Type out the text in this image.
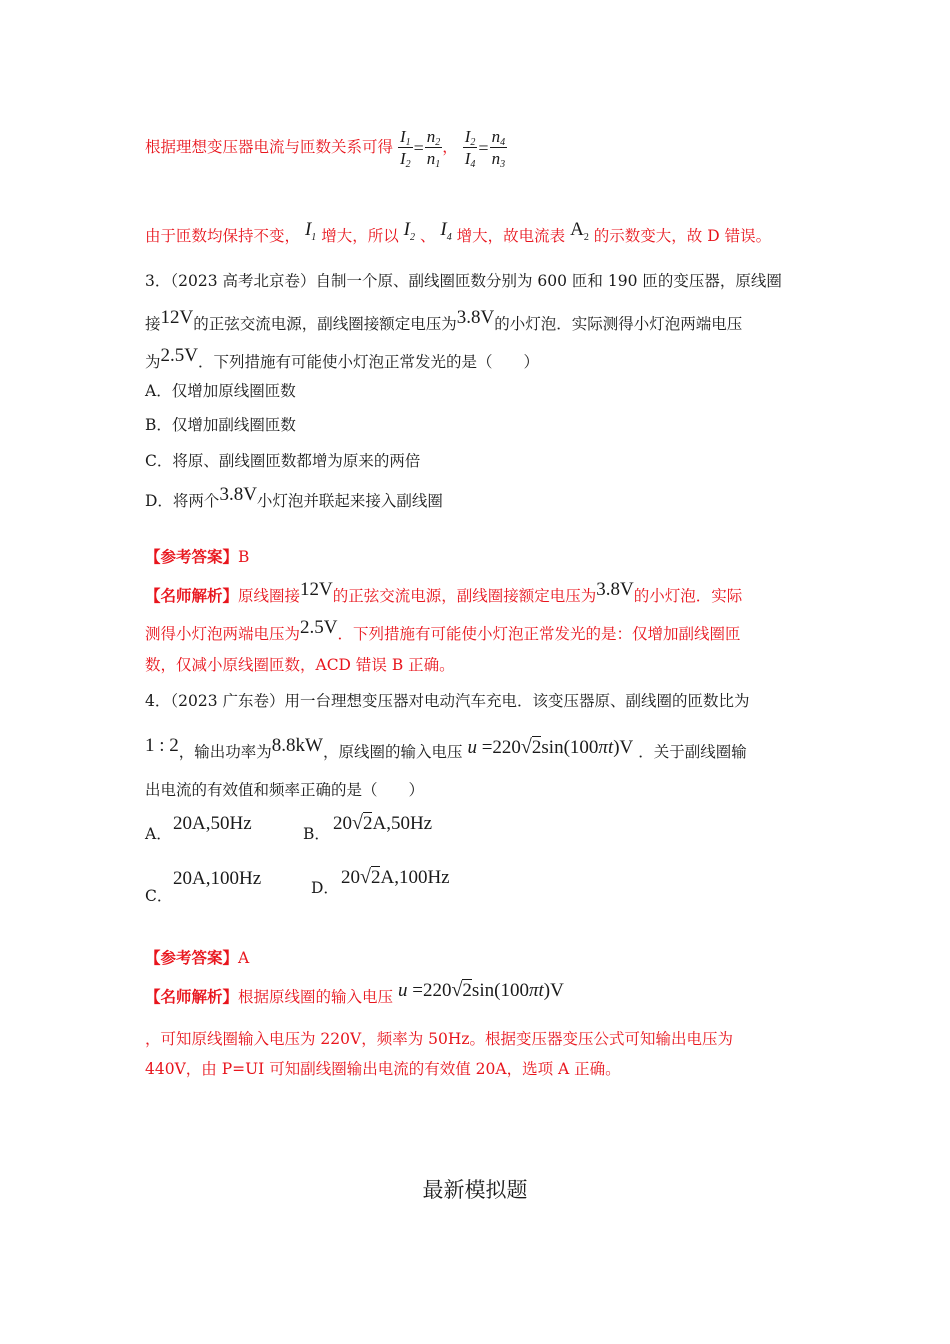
根据理想变压器电流与匝数关系可得 $\frac{I1}{I2} = \frac{n2}{n1}$ ， $\frac{I2}{I4} = \frac{n4}{n3}$
由于匝数均保持不变， $I_1$ 增大，所以 $I_2$ 、 $I_4$ 增大，故电流表 $A_2$ 的示数变大，故 D 错误。
3．（2023 高考北京卷）自制一个原、副线圈匝数分别为 600 匝和 190 匝的变压器，原线圈
接12V的正弦交流电源，副线圈接额定电压为3.8V的小灯泡．实际测得小灯泡两端电压
为2.5V．下列措施有可能使小灯泡正常发光的是（　　）
A．仅增加原线圈匝数
B．仅增加副线圈匝数
C．将原、副线圈匝数都增为原来的两倍
D．将两个3.8V小灯泡并联起来接入副线圈
【参考答案】B
【名师解析】原线圈接12V的正弦交流电源，副线圈接额定电压为3.8V的小灯泡．实际
测得小灯泡两端电压为2.5V．下列措施有可能使小灯泡正常发光的是：仅增加副线圈匝
数，仅减小原线圈匝数，ACD 错误 B 正确。
4．（2023 广东卷）用一台理想变压器对电动汽车充电．该变压器原、副线圈的匝数比为
1 : 2，输出功率为8.8kW，原线圈的输入电压 u =220√2sin(100πt)V ．关于副线圈输
出电流的有效值和频率正确的是（　　）
A． 20A,50Hz	B． 20√2A,50Hz
C．
20A,100Hz	D． 20√2A,100Hz
【参考答案】A
【名师解析】根据原线圈的输入电压 u =220√2sin(100πt)V
，可知原线圈输入电压为 220V，频率为 50Hz。根据变压器变压公式可知输出电压为
440V，由 P=UI 可知副线圈输出电流的有效值 20A，选项 A 正确。
最新模拟题
